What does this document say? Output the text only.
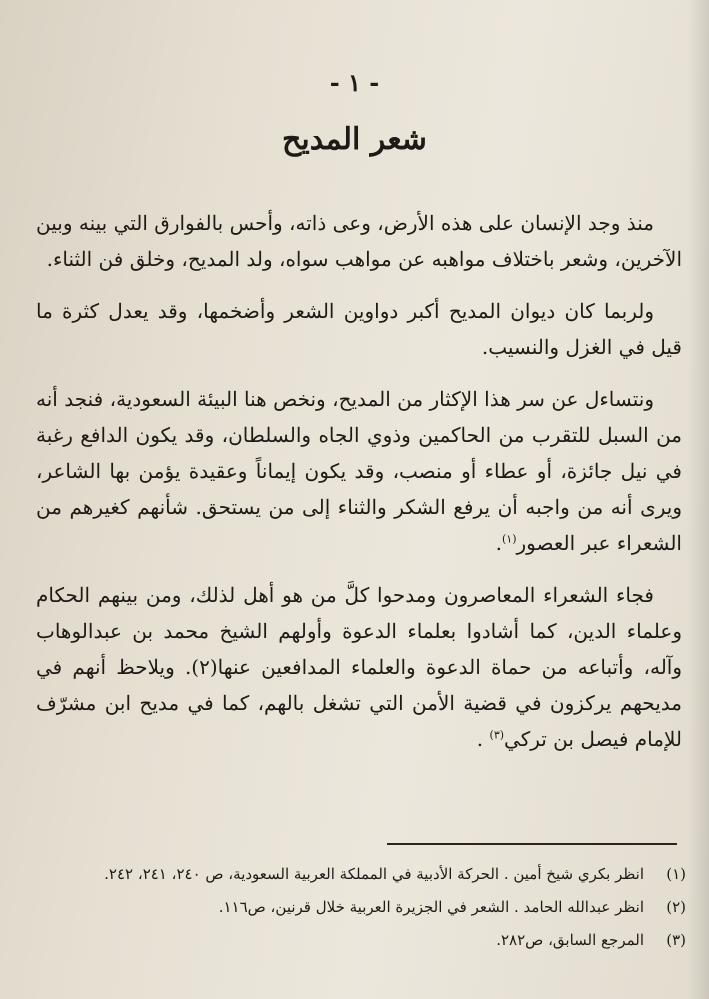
- ١ -
شعر المديح

منذ وجد الإنسان على هذه الأرض، وعى ذاته، وأحس بالفوارق التي بينه وبين الآخرين، وشعر باختلاف مواهبه عن مواهب سواه، ولد المديح، وخلق فن الثناء.

ولربما كان ديوان المديح أكبر دواوين الشعر وأضخمها، وقد يعدل كثرة ما قيل في الغزل والنسيب.

ونتساءل عن سر هذا الإكثار من المديح، ونخص هنا البيئة السعودية، فنجد أنه من السبل للتقرب من الحاكمين وذوي الجاه والسلطان، وقد يكون الدافع رغبة في نيل جائزة، أو عطاء أو منصب، وقد يكون إيماناً وعقيدة يؤمن بها الشاعر، ويرى أنه من واجبه أن يرفع الشكر والثناء إلى من يستحق. شأنهم كغيرهم من الشعراء عبر العصور$^{(١)}$.

فجاء الشعراء المعاصرون ومدحوا كلَّ من هو أهل لذلك، ومن بينهم الحكام وعلماء الدين، كما أشادوا بعلماء الدعوة وأولهم الشيخ محمد بن عبدالوهاب وآله، وأتباعه من حماة الدعوة والعلماء المدافعين عنها(٢). ويلاحظ أنهم في مديحهم يركزون في قضية الأمن التي تشغل بالهم، كما في مديح ابن مشرّف للإمام فيصل بن تركي$^{(٣)}$ .

(١)
انظر بكري شيخ أمين . الحركة الأدبية في المملكة العربية السعودية، ص ٢٤٠، ٢٤١، ٢٤٢.
(٢)
انظر عبدالله الحامد . الشعر في الجزيرة العربية خلال قرنين، ص١١٦.
(٣)
المرجع السابق، ص٢٨٢.
